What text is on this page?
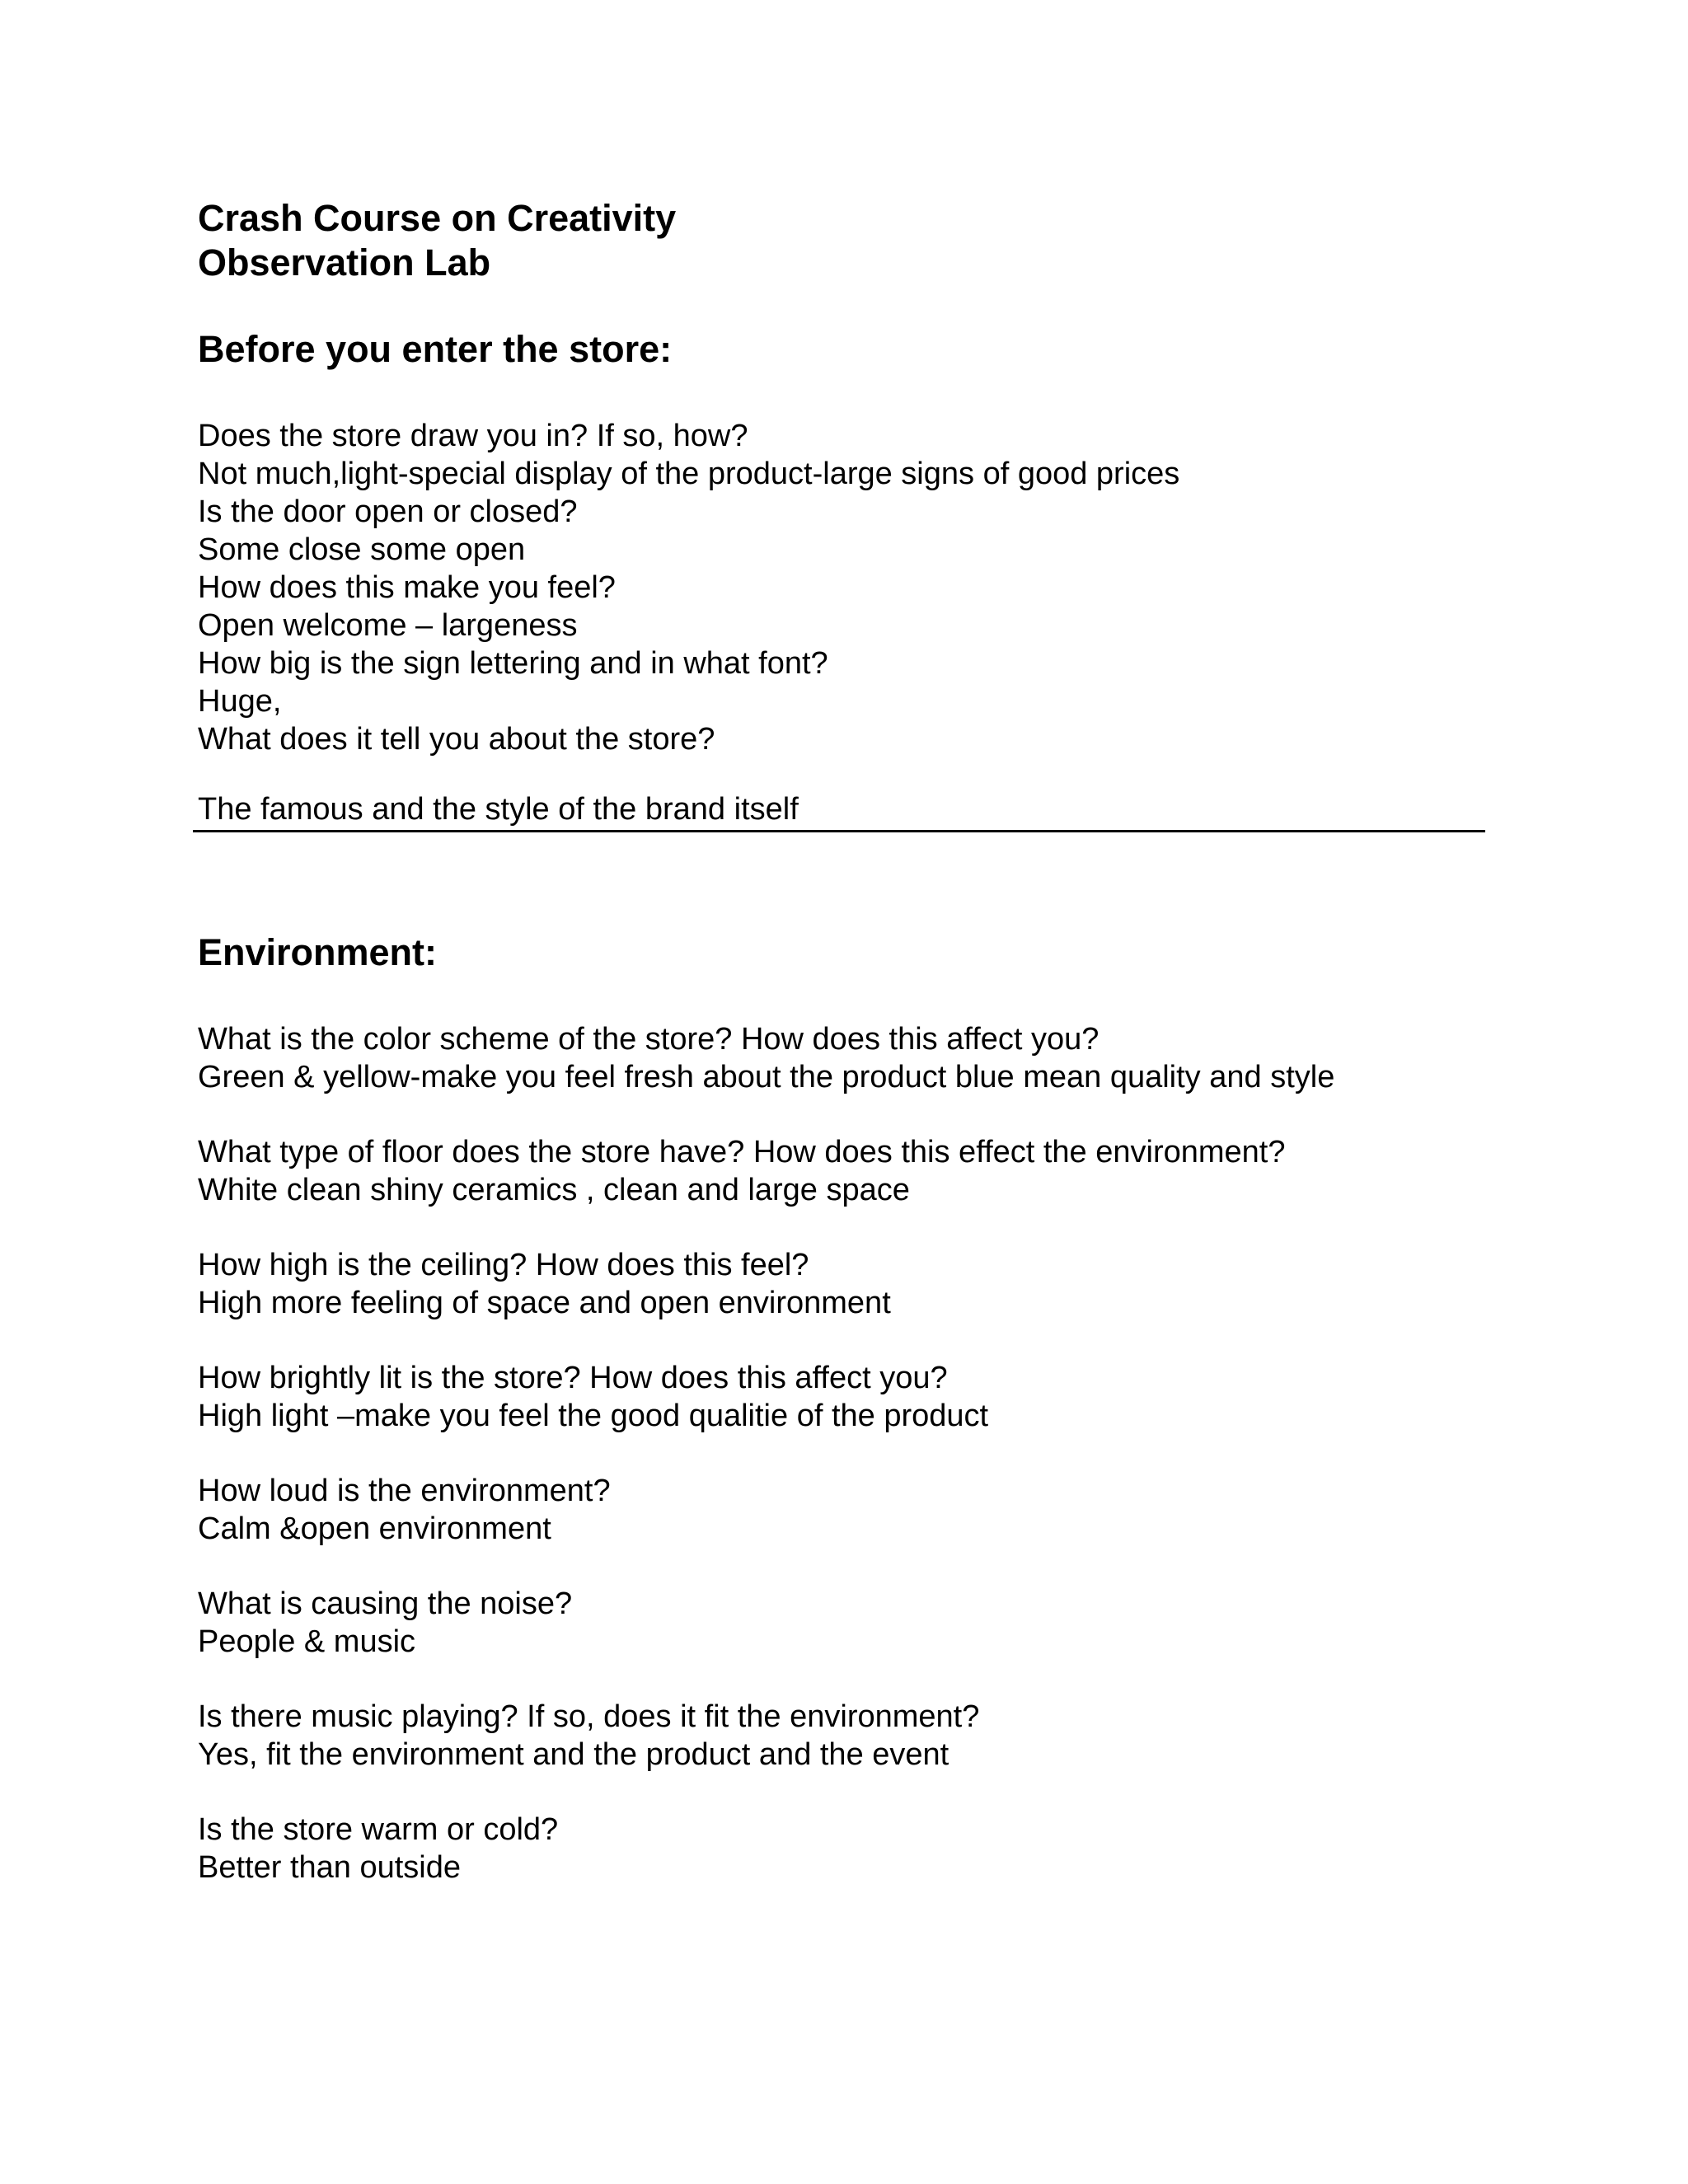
Crash Course on Creativity
Observation Lab
Before you enter the store:
Does the store draw you in? If so, how?
Not much,light-special display of the product-large signs of good prices
Is the door open or closed?
Some close some open
How does this make you feel?
Open welcome – largeness
How big is the sign lettering and in what font?
Huge,
What does it tell you about the store?
The famous and the style of the brand itself
Environment:
What is the color scheme of the store? How does this affect you?
Green & yellow-make you feel fresh about the product blue mean quality and style
What type of floor does the store have? How does this effect the environment?
White clean shiny ceramics , clean and large space
How high is the ceiling? How does this feel?
High more feeling of space and open environment
How brightly lit is the store? How does this affect you?
High light –make you feel the good qualitie of the product
How loud is the environment?
Calm &open environment
What is causing the noise?
People & music
Is there music playing? If so, does it fit the environment?
Yes, fit the environment and the product and the event
Is the store warm or cold?
Better than outside
